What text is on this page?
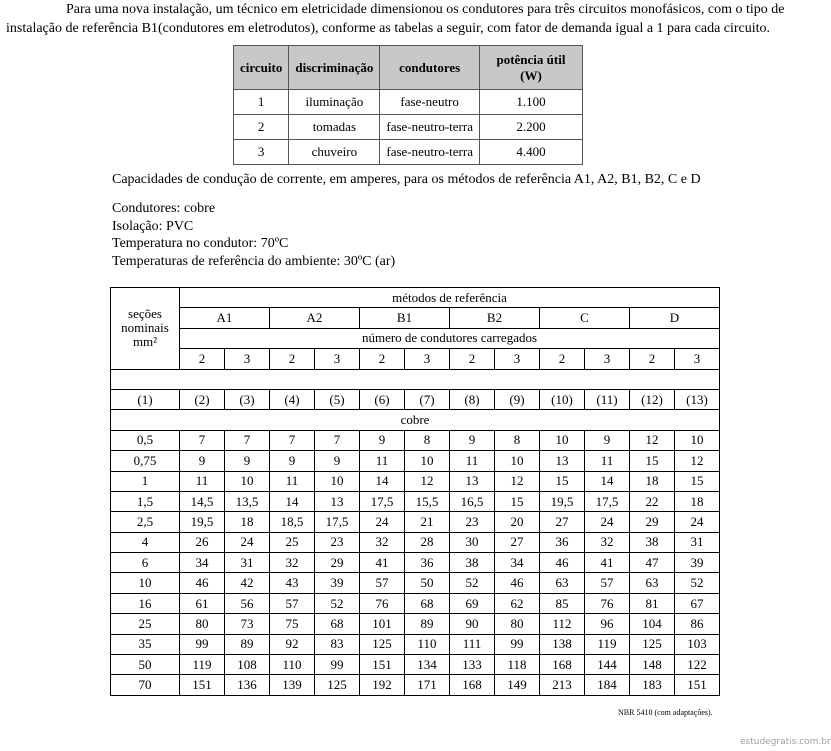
Para uma nova instalação, um técnico em eletricidade dimensionou os condutores para três circuitos monofásicos, com o tipo de
instalação de referência B1(condutores em eletrodutos), conforme as tabelas a seguir, com fator de demanda igual a 1 para cada circuito.
circuito	discriminação	condutores	potência útil (W)
1	iluminação	fase-neutro	1.100
2	tomadas	fase-neutro-terra	2.200
3	chuveiro	fase-neutro-terra	4.400
Capacidades de condução de corrente, em amperes, para os métodos de referência A1, A2, B1, B2, C e D
Condutores: cobre
Isolação: PVC
Temperatura no condutor: 70ºC
Temperaturas de referência do ambiente: 30ºC (ar)
seções nominais mm²	métodos de referência											
	A1		A2		B1		B2		C		D	
	número de condutores carregados											
	2	3	2	3	2	3	2	3	2	3	2	3

(1)	(2)	(3)	(4)	(5)	(6)	(7)	(8)	(9)	(10)	(11)	(12)	(13)
cobre												
0,5	7	7	7	7	9	8	9	8	10	9	12	10
0,75	9	9	9	9	11	10	11	10	13	11	15	12
1	11	10	11	10	14	12	13	12	15	14	18	15
1,5	14,5	13,5	14	13	17,5	15,5	16,5	15	19,5	17,5	22	18
2,5	19,5	18	18,5	17,5	24	21	23	20	27	24	29	24
4	26	24	25	23	32	28	30	27	36	32	38	31
6	34	31	32	29	41	36	38	34	46	41	47	39
10	46	42	43	39	57	50	52	46	63	57	63	52
16	61	56	57	52	76	68	69	62	85	76	81	67
25	80	73	75	68	101	89	90	80	112	96	104	86
35	99	89	92	83	125	110	111	99	138	119	125	103
50	119	108	110	99	151	134	133	118	168	144	148	122
70	151	136	139	125	192	171	168	149	213	184	183	151
NBR 5410 (com adaptações).
estudegratis.com.br
